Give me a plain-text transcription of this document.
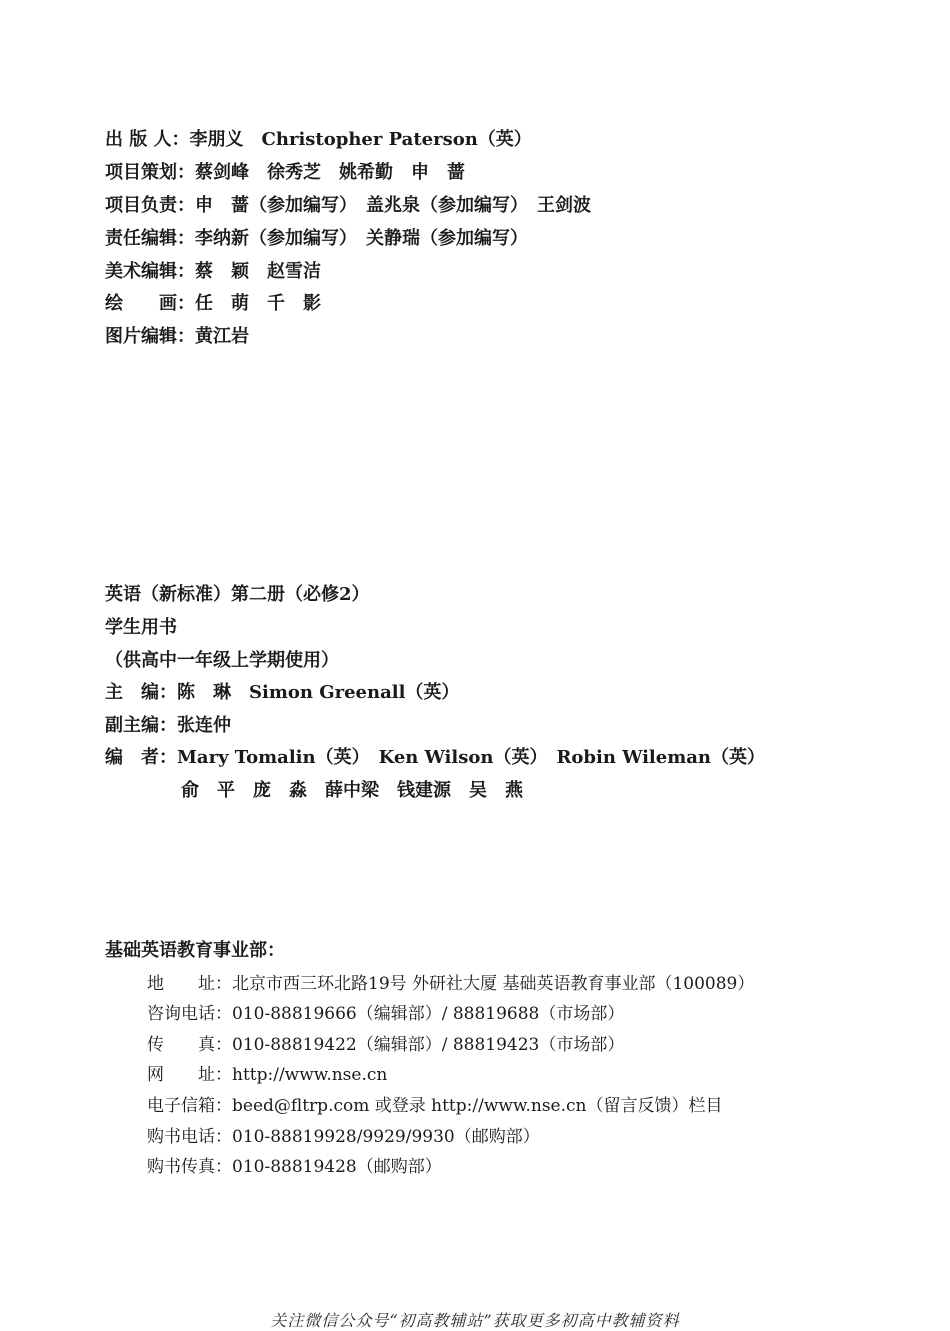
出 版 人：李朋义　Christopher Paterson（英）
项目策划：蔡剑峰　徐秀芝　姚希勤　申　蔷
项目负责：申　蔷（参加编写）　盖兆泉（参加编写）　王剑波
责任编辑：李纳新（参加编写）　关静瑞（参加编写）
美术编辑：蔡　颖　赵雪洁
绘　　画：任　萌　千　影
图片编辑：黄江岩
英语（新标准）第二册（必修2）
学生用书
（供高中一年级上学期使用）
主　编：陈　琳　Simon Greenall（英）
副主编：张连仲
编　者：Mary Tomalin（英）　Ken Wilson（英）　Robin Wileman（英）
俞　平　庞　淼　薛中梁　钱建源　吴　燕
基础英语教育事业部：
地　　址：北京市西三环北路19号 外研社大厦 基础英语教育事业部（100089）
咨询电话：010-88819666（编辑部）/ 88819688（市场部）
传　　真：010-88819422（编辑部）/ 88819423（市场部）
网　　址：http://www.nse.cn
电子信箱：beed@fltrp.com 或登录 http://www.nse.cn（留言反馈）栏目
购书电话：010-88819928/9929/9930（邮购部）
购书传真：010-88819428（邮购部）
关注微信公众号“初高教辅站”获取更多初高中教辅资料
